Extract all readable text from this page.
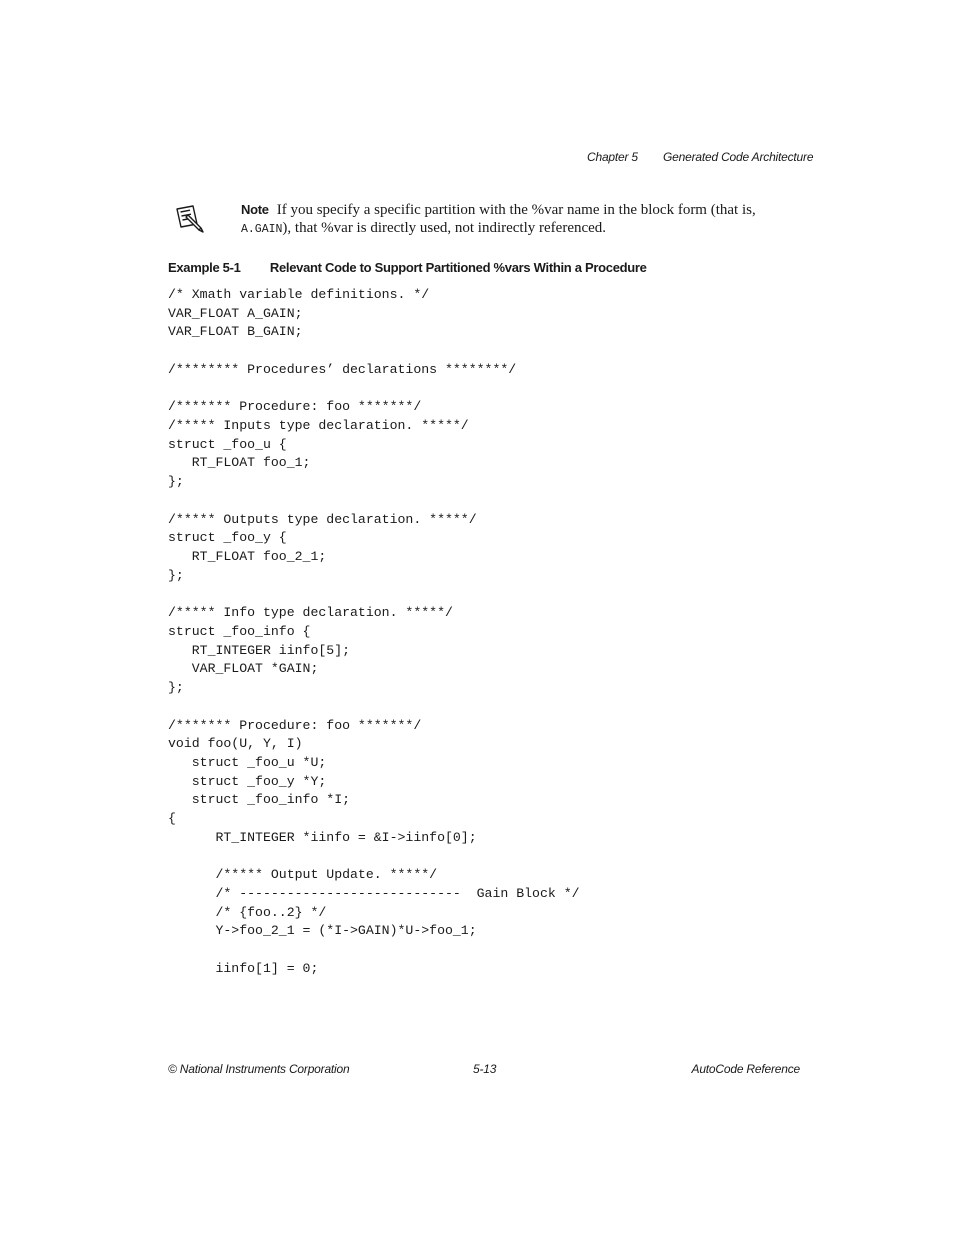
Chapter 5 Generated Code Architecture
Note If you specify a specific partition with the %var name in the block form (that is, A.GAIN), that %var is directly used, not indirectly referenced.
Example 5-1 Relevant Code to Support Partitioned %vars Within a Procedure
/* Xmath variable definitions. */
VAR_FLOAT A_GAIN;
VAR_FLOAT B_GAIN;
/******** Procedures’ declarations ********/
/******* Procedure: foo *******/
/***** Inputs type declaration. *****/
struct _foo_u {
RT_FLOAT foo_1;
};
/***** Outputs type declaration. *****/
struct _foo_y {
RT_FLOAT foo_2_1;
};
/***** Info type declaration. *****/
struct _foo_info {
RT_INTEGER iinfo[5];
VAR_FLOAT *GAIN;
};
/******* Procedure: foo *******/
void foo(U, Y, I)
struct _foo_u *U;
struct _foo_y *Y;
struct _foo_info *I;
{
RT_INTEGER *iinfo = &I->iinfo[0];
/***** Output Update. *****/
/* ----------------------------  Gain Block */
/* {foo..2} */
Y->foo_2_1 = (*I->GAIN)*U->foo_1;
iinfo[1] = 0;
© National Instruments Corporation	5-13	AutoCode Reference
